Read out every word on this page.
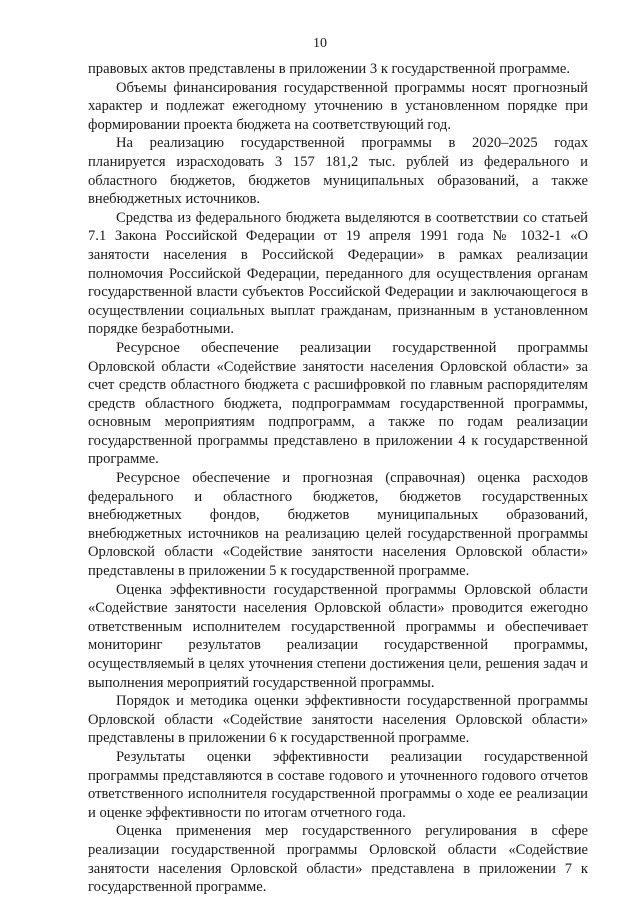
10

правовых актов представлены в приложении 3 к государственной программе.

Объемы финансирования государственной программы носят прогнозный характер и подлежат ежегодному уточнению в установленном порядке при формировании проекта бюджета на соответствующий год.

На реализацию государственной программы в 2020–2025 годах планируется израсходовать 3 157 181,2 тыс. рублей из федерального и областного бюджетов, бюджетов муниципальных образований, а также внебюджетных источников.

Средства из федерального бюджета выделяются в соответствии со статьей 7.1 Закона Российской Федерации от 19 апреля 1991 года № 1032-1 «О занятости населения в Российской Федерации» в рамках реализации полномочия Российской Федерации, переданного для осуществления органам государственной власти субъектов Российской Федерации и заключающегося в осуществлении социальных выплат гражданам, признанным в установленном порядке безработными.

Ресурсное обеспечение реализации государственной программы Орловской области «Содействие занятости населения Орловской области» за счет средств областного бюджета с расшифровкой по главным распорядителям средств областного бюджета, подпрограммам государственной программы, основным мероприятиям подпрограмм, а также по годам реализации государственной программы представлено в приложении 4 к государственной программе.

Ресурсное обеспечение и прогнозная (справочная) оценка расходов федерального и областного бюджетов, бюджетов государственных внебюджетных фондов, бюджетов муниципальных образований, внебюджетных источников на реализацию целей государственной программы Орловской области «Содействие занятости населения Орловской области» представлены в приложении 5 к государственной программе.

Оценка эффективности государственной программы Орловской области «Содействие занятости населения Орловской области» проводится ежегодно ответственным исполнителем государственной программы и обеспечивает мониторинг результатов реализации государственной программы, осуществляемый в целях уточнения степени достижения цели, решения задач и выполнения мероприятий государственной программы.

Порядок и методика оценки эффективности государственной программы Орловской области «Содействие занятости населения Орловской области» представлены в приложении 6 к государственной программе.

Результаты оценки эффективности реализации государственной программы представляются в составе годового и уточненного годового отчетов ответственного исполнителя государственной программы о ходе ее реализации и оценке эффективности по итогам отчетного года.

Оценка применения мер государственного регулирования в сфере реализации государственной программы Орловской области «Содействие занятости населения Орловской области» представлена в приложении 7 к государственной программе.
